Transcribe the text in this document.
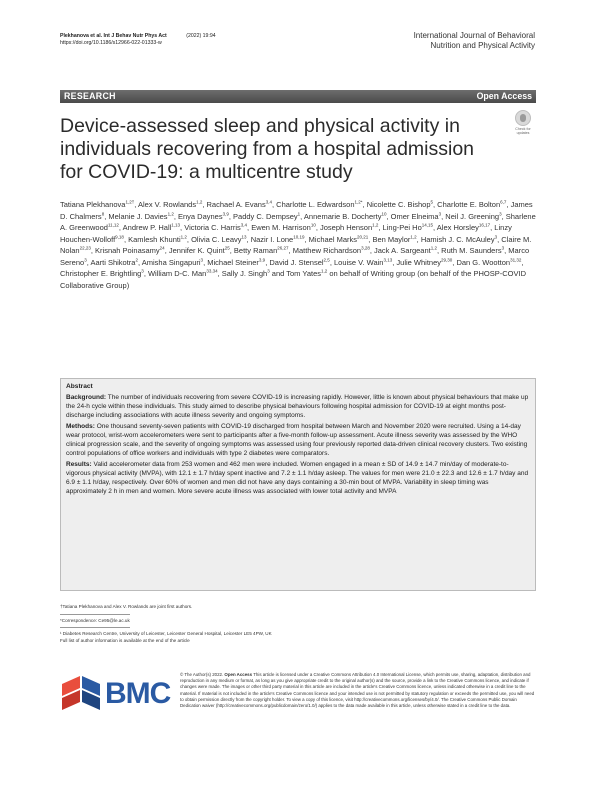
Plekhanova et al. Int J Behav Nutr Phys Act	(2022) 19:94
https://doi.org/10.1186/s12966-022-01333-w
International Journal of Behavioral
Nutrition and Physical Activity
RESEARCH	Open Access
Check for
updates
Device-assessed sleep and physical activity in individuals recovering from a hospital admission for COVID-19: a multicentre study
Tatiana Plekhanova$^{1,2\dagger}$, Alex V. Rowlands$^{1,2}$, Rachael A. Evans$^{3,4}$, Charlotte L. Edwardson$^{1,2*}$, Nicolette C. Bishop$^5$, Charlotte E. Bolton$^{6,7}$, James D. Chalmers$^8$, Melanie J. Davies$^{1,2}$, Enya Daynes$^{3,9}$, Paddy C. Dempsey$^1$, Annemarie B. Docherty$^{10}$, Omer Elneima$^3$, Neil J. Greening$^3$, Sharlene A. Greenwood$^{11,12}$, Andrew P. Hall$^{1,13}$, Victoria C. Harris$^{3,4}$, Ewen M. Harrison$^{10}$, Joseph Henson$^{1,2}$, Ling-Pei Ho$^{14,15}$, Alex Horsley$^{16,17}$, Linzy Houchen-Wolloff$^{9,18}$, Kamlesh Khunti$^{1,2}$, Olivia C. Leavy$^{13}$, Nazir I. Lone$^{10,19}$, Michael Marks$^{20,21}$, Ben Maylor$^{1,2}$, Hamish J. C. McAuley$^3$, Claire M. Nolan$^{22,23}$, Krisnah Poinasamy$^{24}$, Jennifer K. Quint$^{25}$, Betty Raman$^{26,27}$, Matthew Richardson$^{3,28}$, Jack A. Sargeant$^{1,2}$, Ruth M. Saunders$^3$, Marco Sereno$^3$, Aarti Shikotra$^2$, Amisha Singapuri$^3$, Michael Steiner$^{3,9}$, David J. Stensel$^{2,5}$, Louise V. Wain$^{3,13}$, Julie Whitney$^{29,30}$, Dan G. Wootton$^{31,32}$, Christopher E. Brightling$^3$, William D-C. Man$^{33,34}$, Sally J. Singh$^3$ and Tom Yates$^{1,2}$ on behalf of Writing group (on behalf of the PHOSP-COVID Collaborative Group)
Abstract

Background: The number of individuals recovering from severe COVID-19 is increasing rapidly. However, little is known about physical behaviours that make up the 24-h cycle within these individuals. This study aimed to describe physical behaviours following hospital admission for COVID-19 at eight months post-discharge including associations with acute illness severity and ongoing symptoms.

Methods: One thousand seventy-seven patients with COVID-19 discharged from hospital between March and November 2020 were recruited. Using a 14-day wear protocol, wrist-worn accelerometers were sent to participants after a five-month follow-up assessment. Acute illness severity was assessed by the WHO clinical progression scale, and the severity of ongoing symptoms was assessed using four previously reported data-driven clinical recovery clusters. Two existing control populations of office workers and individuals with type 2 diabetes were comparators.

Results: Valid accelerometer data from 253 women and 462 men were included. Women engaged in a mean ± SD of 14.9 ± 14.7 min/day of moderate-to-vigorous physical activity (MVPA), with 12.1 ± 1.7 h/day spent inactive and 7.2 ± 1.1 h/day asleep. The values for men were 21.0 ± 22.3 and 12.6 ± 1.7 h/day and 6.9 ± 1.1 h/day, respectively. Over 60% of women and men did not have any days containing a 30-min bout of MVPA. Variability in sleep timing was approximately 2 h in men and women. More severe acute illness was associated with lower total activity and MVPA

†Tatiana Plekhanova and Alex V. Rowlands are joint first authors.
*Correspondence: Ce95@le.ac.uk
¹ Diabetes Research Centre, University of Leicester, Leicester General Hospital, Leicester LE5 4PW, UK
Full list of author information is available at the end of the article
BMC
© The Author(s) 2022. Open Access This article is licensed under a Creative Commons Attribution 4.0 International License, which permits use, sharing, adaptation, distribution and reproduction in any medium or format, as long as you give appropriate credit to the original author(s) and the source, provide a link to the Creative Commons licence, and indicate if changes were made. The images or other third party material in this article are included in the article's Creative Commons licence, unless indicated otherwise in a credit line to the material. If material is not included in the article's Creative Commons licence and your intended use is not permitted by statutory regulation or exceeds the permitted use, you will need to obtain permission directly from the copyright holder. To view a copy of this licence, visit http://creativecommons.org/licenses/by/4.0/. The Creative Commons Public Domain Dedication waiver (http://creativecommons.org/publicdomain/zero/1.0/) applies to the data made available in this article, unless otherwise stated in a credit line to the data.
